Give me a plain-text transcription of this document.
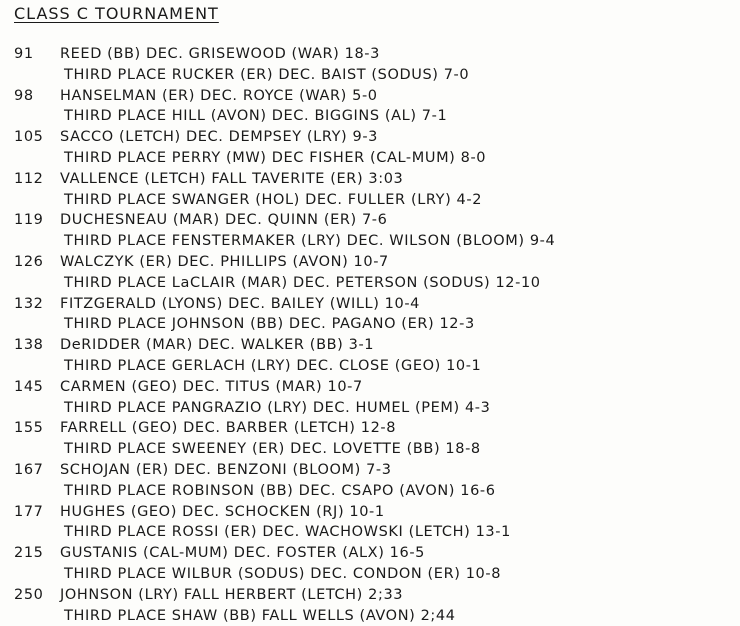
CLASS C TOURNAMENT
91	REED (BB) DEC. GRISEWOOD (WAR) 18-3
THIRD PLACE RUCKER (ER) DEC. BAIST (SODUS) 7-0
98	HANSELMAN (ER) DEC. ROYCE (WAR) 5-0
THIRD PLACE HILL (AVON) DEC. BIGGINS (AL) 7-1
105	SACCO (LETCH) DEC. DEMPSEY (LRY) 9-3
THIRD PLACE PERRY (MW) DEC FISHER (CAL-MUM) 8-0
112	VALLENCE (LETCH) FALL TAVERITE (ER) 3:03
THIRD PLACE SWANGER (HOL) DEC. FULLER (LRY) 4-2
119	DUCHESNEAU (MAR) DEC. QUINN (ER) 7-6
THIRD PLACE FENSTERMAKER (LRY) DEC. WILSON (BLOOM) 9-4
126	WALCZYK (ER) DEC. PHILLIPS (AVON) 10-7
THIRD PLACE LaCLAIR (MAR) DEC. PETERSON (SODUS) 12-10
132	FITZGERALD (LYONS) DEC. BAILEY (WILL) 10-4
THIRD PLACE JOHNSON (BB) DEC. PAGANO (ER) 12-3
138	DeRIDDER (MAR) DEC. WALKER (BB) 3-1
THIRD PLACE GERLACH (LRY) DEC. CLOSE (GEO) 10-1
145	CARMEN (GEO) DEC. TITUS (MAR) 10-7
THIRD PLACE PANGRAZIO (LRY) DEC. HUMEL (PEM) 4-3
155	FARRELL (GEO) DEC. BARBER (LETCH) 12-8
THIRD PLACE SWEENEY (ER) DEC. LOVETTE (BB) 18-8
167	SCHOJAN (ER) DEC. BENZONI (BLOOM) 7-3
THIRD PLACE ROBINSON (BB) DEC. CSAPO (AVON) 16-6
177	HUGHES (GEO) DEC. SCHOCKEN (RJ) 10-1
THIRD PLACE ROSSI (ER) DEC. WACHOWSKI (LETCH) 13-1
215	GUSTANIS (CAL-MUM) DEC. FOSTER (ALX) 16-5
THIRD PLACE WILBUR (SODUS) DEC. CONDON (ER) 10-8
250	JOHNSON (LRY) FALL HERBERT (LETCH) 2;33
THIRD PLACE SHAW (BB) FALL WELLS (AVON) 2;44
